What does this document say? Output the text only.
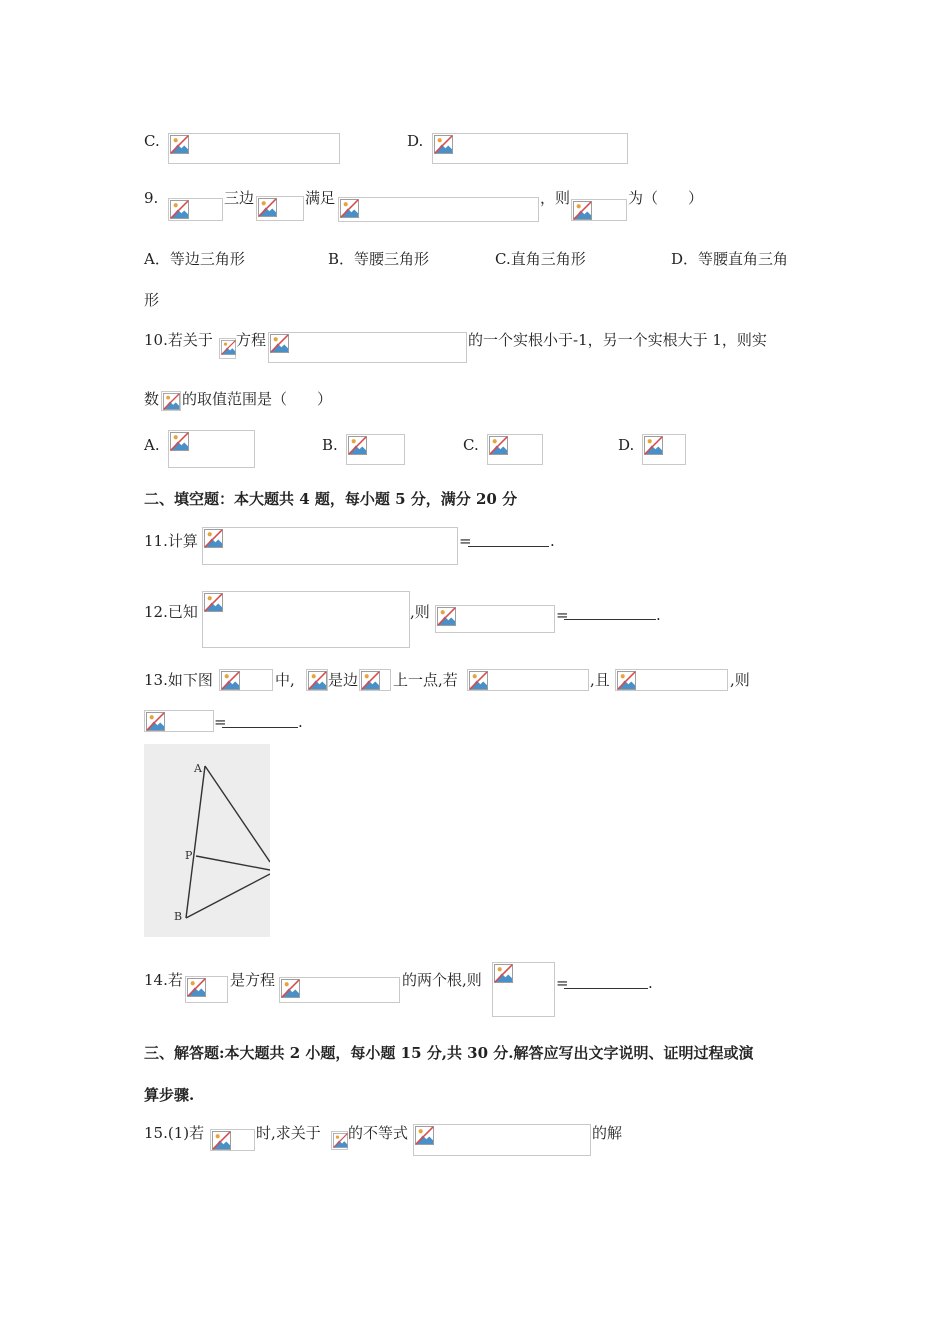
C.	D.
9.	三边	满足	，则	为（　　）
A．等边三角形	B．等腰三角形	C.直角三角形	D．等腰直角三角
形
10.若关于 方程	的一个实根小于-1，另一个实根大于 1，则实
数 的取值范围是（　　）
A.	B.	C.	D.
二、填空题：本大题共 4 题，每小题 5 分，满分 20 分
11.计算	=	.
12.已知	,则	=	.
13.如下图	中, 是边 上一点,若	,且	,则
=	.
A
P
B
14.若	是方程	的两个根,则	=	.
三、解答题:本大题共 2 小题，每小题 15 分,共 30 分.解答应写出文字说明、证明过程或演
算步骤.
15.(1)若	时,求关于 的不等式	的解
